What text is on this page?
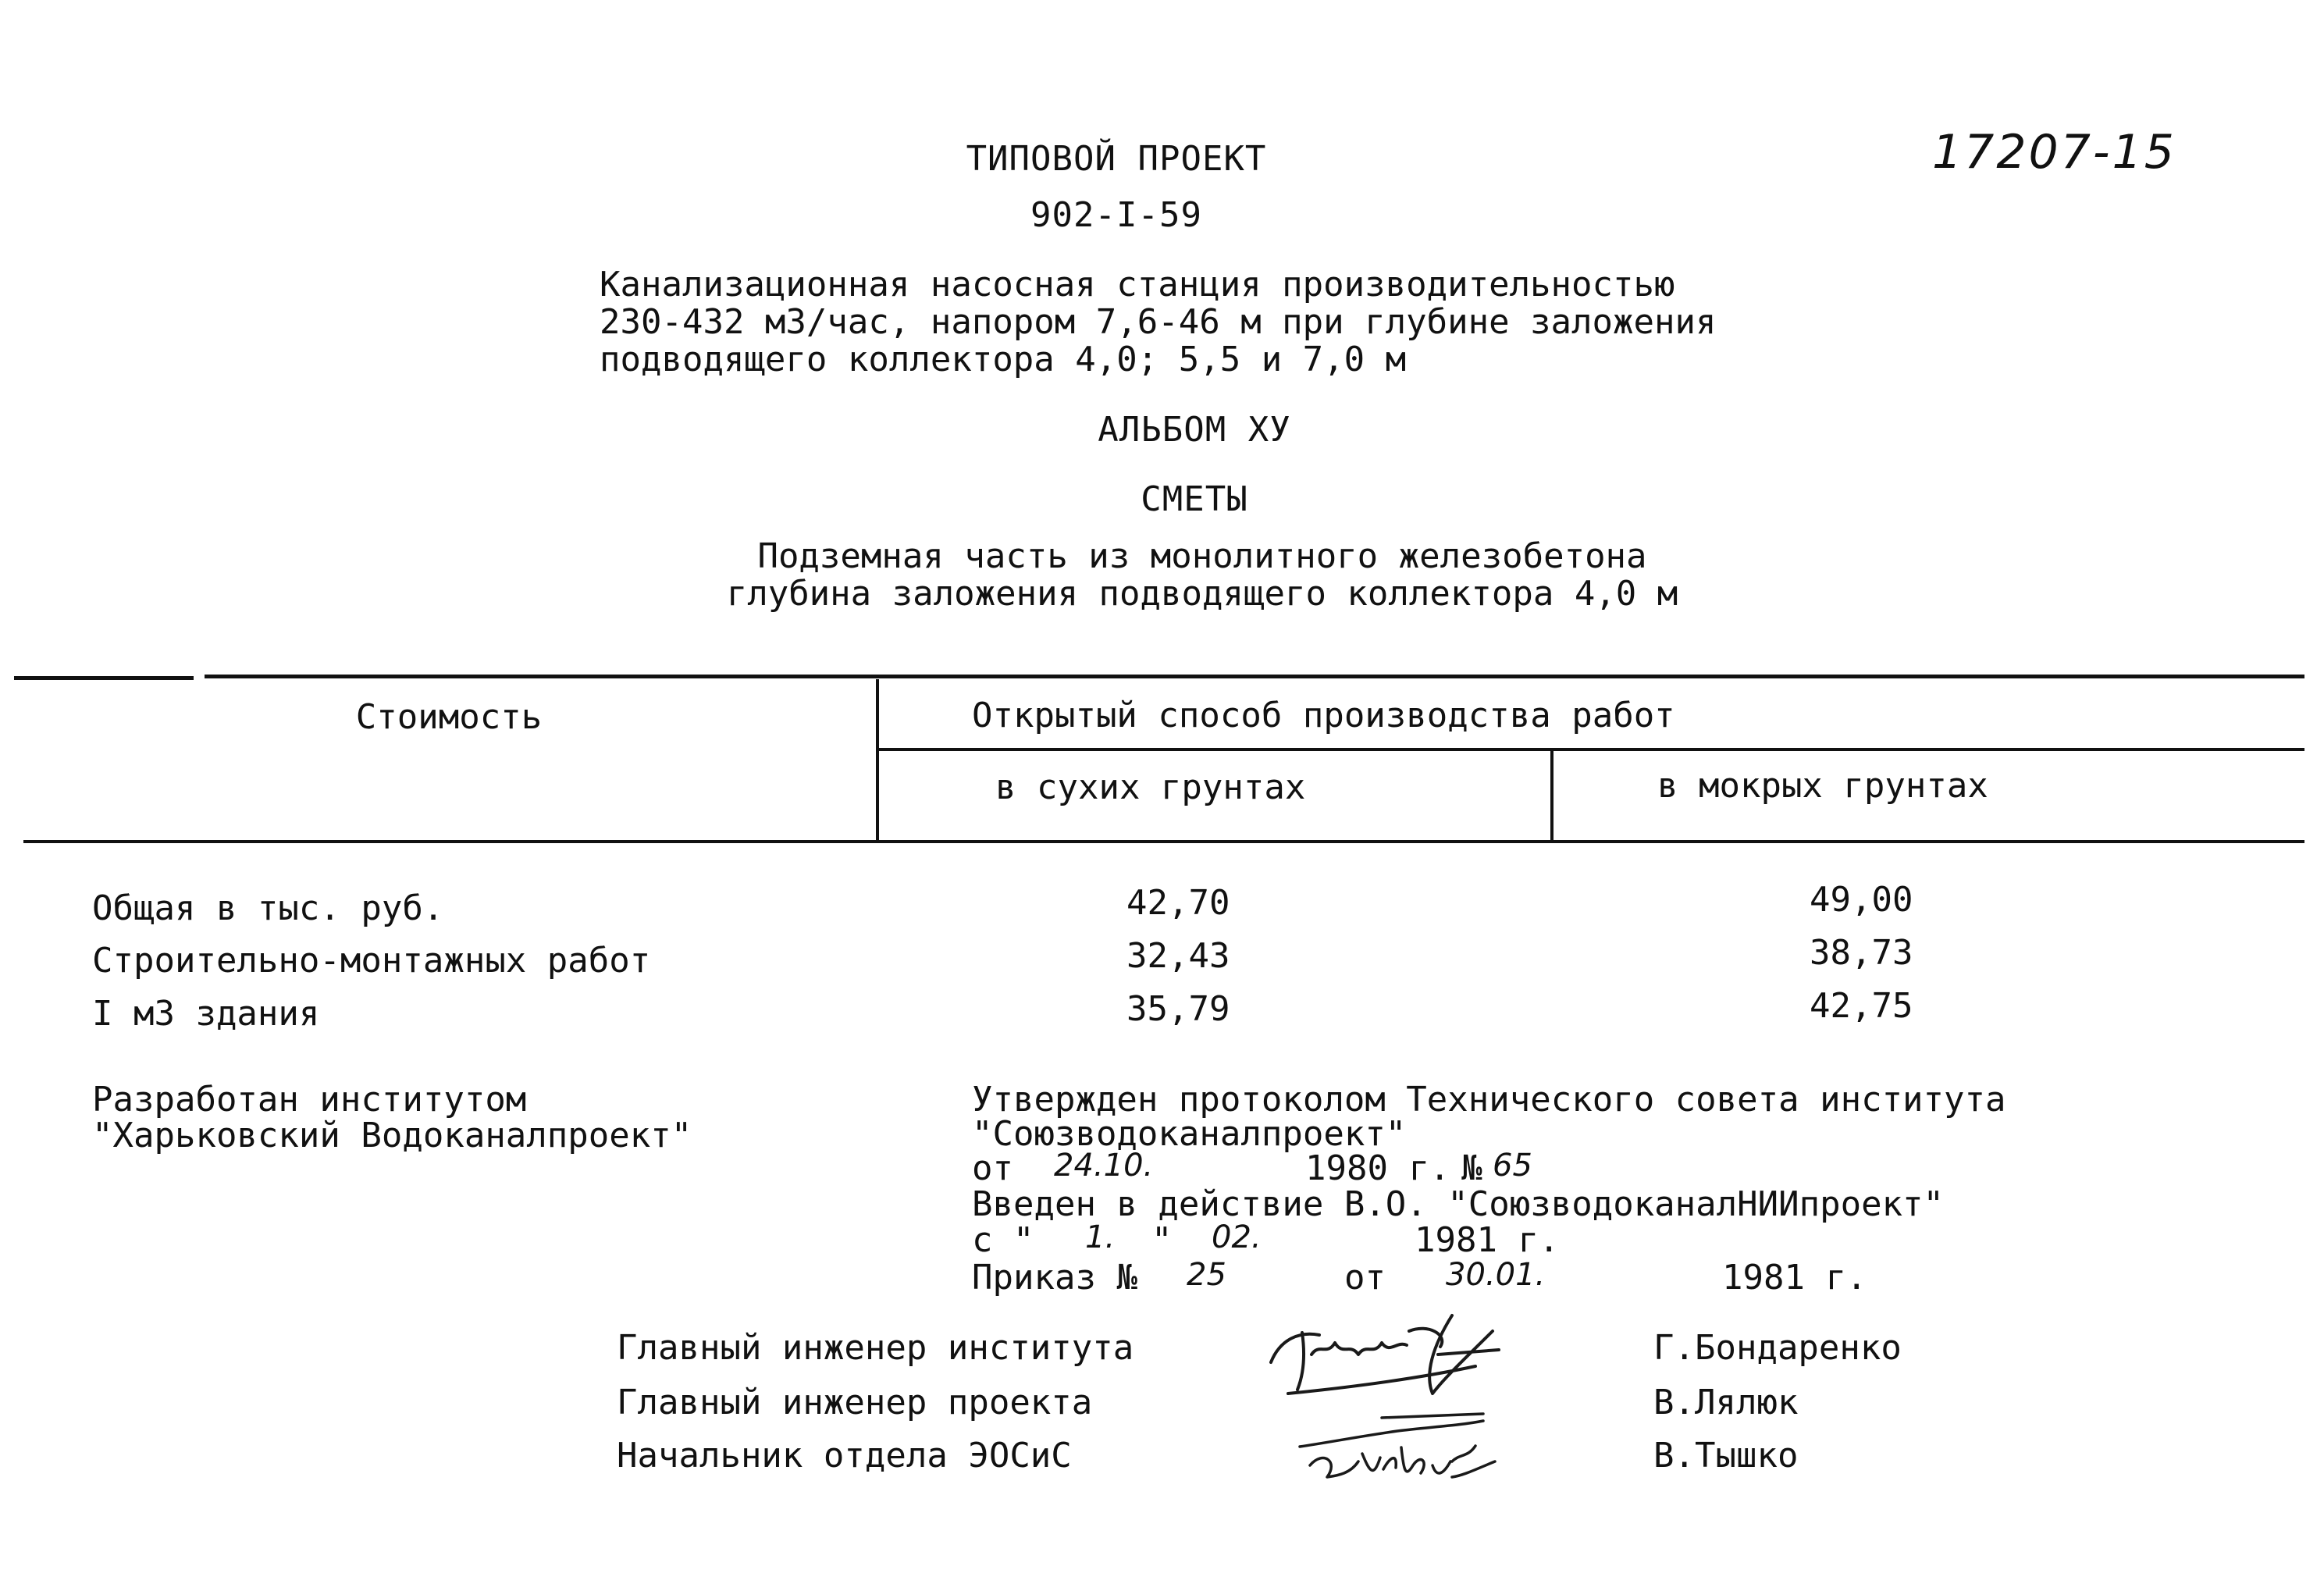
ТИПОВОЙ ПРОЕКТ
902-I-59
17207-15
Канализационная насосная станция производительностью
230-432 м3/час, напором 7,6-46 м при глубине заложения
подводящего коллектора 4,0; 5,5 и 7,0 м
АЛЬБОМ ХУ
СМЕТЫ
Подземная часть из монолитного железобетона
глубина заложения подводящего коллектора 4,0 м
Стоимость	Открытый способ производства работ
в сухих грунтах	в мокрых грунтах
Общая в тыс. руб.	42,70	49,00
Строительно-монтажных работ	32,43	38,73
I м3 здания	35,79	42,75
Разработан институтом
"Харьковский Водоканалпроект"
Утвержден протоколом Технического совета института
"Союзводоканалпроект"
от 24.10.	1980 г. № 65
Введен в действие В.О. "СоюзводоканалНИИпроект"
с " 1. " 02.	1981 г.
Приказ № 25	от 30.01.	1981 г.
Главный инженер института	Г.Бондаренко
Главный инженер проекта	В.Лялюк
Начальник отдела ЭОСиС	В.Тышко
